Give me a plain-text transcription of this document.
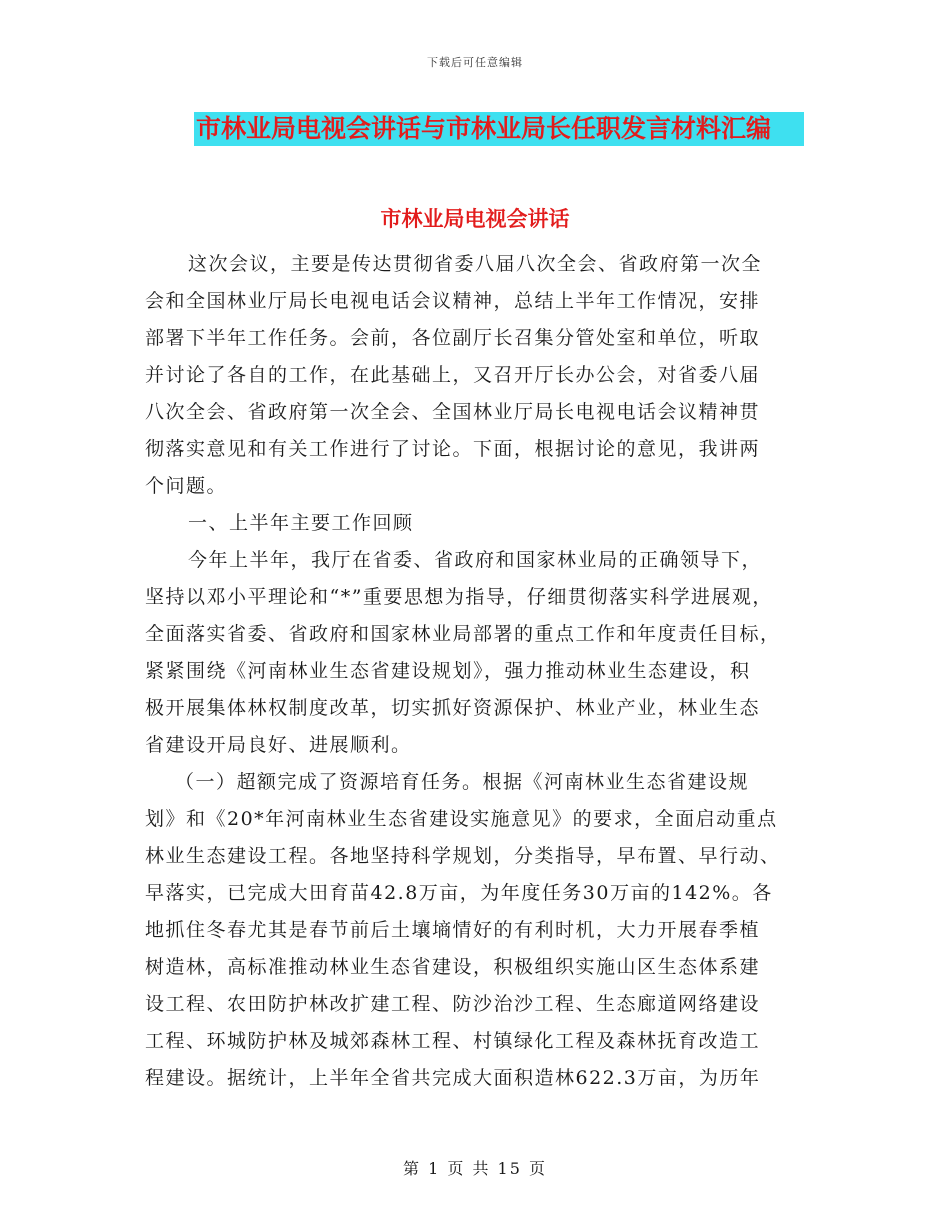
下载后可任意编辑
市林业局电视会讲话与市林业局长任职发言材料汇编
市林业局电视会讲话
这次会议，主要是传达贯彻省委八届八次全会、省政府第一次全
会和全国林业厅局长电视电话会议精神，总结上半年工作情况，安排
部署下半年工作任务。会前，各位副厅长召集分管处室和单位，听取
并讨论了各自的工作，在此基础上，又召开厅长办公会，对省委八届
八次全会、省政府第一次全会、全国林业厅局长电视电话会议精神贯
彻落实意见和有关工作进行了讨论。下面，根据讨论的意见，我讲两
个问题。
一、上半年主要工作回顾
今年上半年，我厅在省委、省政府和国家林业局的正确领导下，
坚持以邓小平理论和“*”重要思想为指导，仔细贯彻落实科学进展观，
全面落实省委、省政府和国家林业局部署的重点工作和年度责任目标，
紧紧围绕《河南林业生态省建设规划》，强力推动林业生态建设，积
极开展集体林权制度改革，切实抓好资源保护、林业产业，林业生态
省建设开局良好、进展顺利。
（一）超额完成了资源培育任务。根据《河南林业生态省建设规
划》和《20*年河南林业生态省建设实施意见》的要求，全面启动重点
林业生态建设工程。各地坚持科学规划，分类指导，早布置、早行动、
早落实，已完成大田育苗42.8万亩，为年度任务30万亩的142%。各
地抓住冬春尤其是春节前后土壤墒情好的有利时机，大力开展春季植
树造林，高标准推动林业生态省建设，积极组织实施山区生态体系建
设工程、农田防护林改扩建工程、防沙治沙工程、生态廊道网络建设
工程、环城防护林及城郊森林工程、村镇绿化工程及森林抚育改造工
程建设。据统计，上半年全省共完成大面积造林622.3万亩，为历年
第 1 页 共 15 页
